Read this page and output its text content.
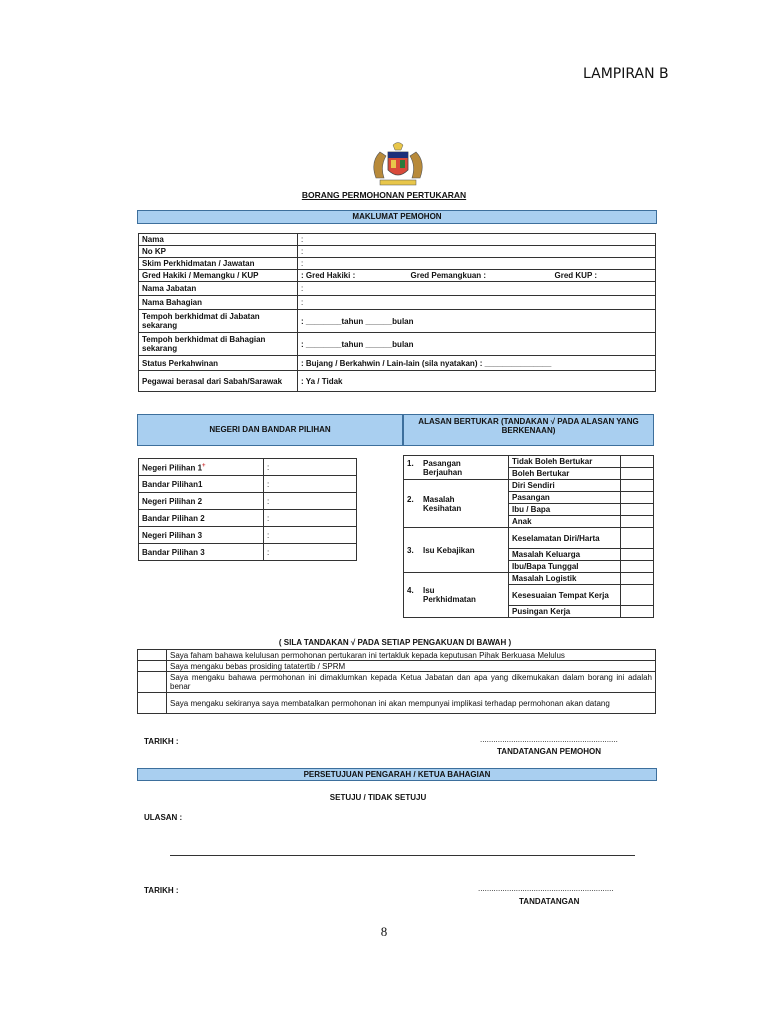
LAMPIRAN B
BORANG PERMOHONAN PERTUKARAN
MAKLUMAT PEMOHON
Nama	:
No KP	:
Skim Perkhidmatan / Jawatan	:
Gred Hakiki / Memangku / KUP	: Gred Hakiki : Gred Pemangkuan : Gred KUP :

Nama Jabatan	:
Nama Bahagian	:
Tempoh berkhidmat di Jabatan sekarang	: ________tahun ______bulan
Tempoh berkhidmat di Bahagian sekarang	: ________tahun ______bulan
Status Perkahwinan	: Bujang / Berkahwin / Lain-lain (sila nyatakan) : _______________
Pegawai berasal dari Sabah/Sarawak	: Ya / Tidak
NEGERI DAN BANDAR PILIHAN
ALASAN BERTUKAR (TANDAKAN √ PADA ALASAN YANG BERKENAAN)
Negeri Pilihan 1+	:
Bandar Pilihan1	:
Negeri Pilihan 2	:
Bandar Pilihan 2	:
Negeri Pilihan 3	:
Bandar Pilihan 3	:
1. Pasangan Berjauhan	Tidak Boleh Bertukar	
	Boleh Bertukar	
2. Masalah Kesihatan	Diri Sendiri	
	Pasangan	
	Ibu / Bapa	
	Anak	
3. Isu Kebajikan	Keselamatan Diri/Harta	
	Masalah Keluarga	
	Ibu/Bapa Tunggal	
4. Isu Perkhidmatan	Masalah Logistik	
	Kesesuaian Tempat Kerja	
	Pusingan Kerja	
( SILA TANDAKAN √ PADA SETIAP PENGAKUAN DI BAWAH )
	Saya faham bahawa kelulusan permohonan pertukaran ini tertakluk kepada keputusan Pihak Berkuasa Melulus
	Saya mengaku bebas prosiding tatatertib / SPRM
	Saya mengaku bahawa permohonan ini dimaklumkan kepada Ketua Jabatan dan apa yang dikemukakan dalam borang ini adalah benar
	Saya mengaku sekiranya saya membatalkan permohonan ini akan mempunyai implikasi terhadap permohonan akan datang
TARIKH :	..............................................................
TANDATANGAN PEMOHON
PERSETUJUAN PENGARAH / KETUA BAHAGIAN
SETUJU / TIDAK SETUJU
ULASAN :
TARIKH :	.............................................................
TANDATANGAN
8
